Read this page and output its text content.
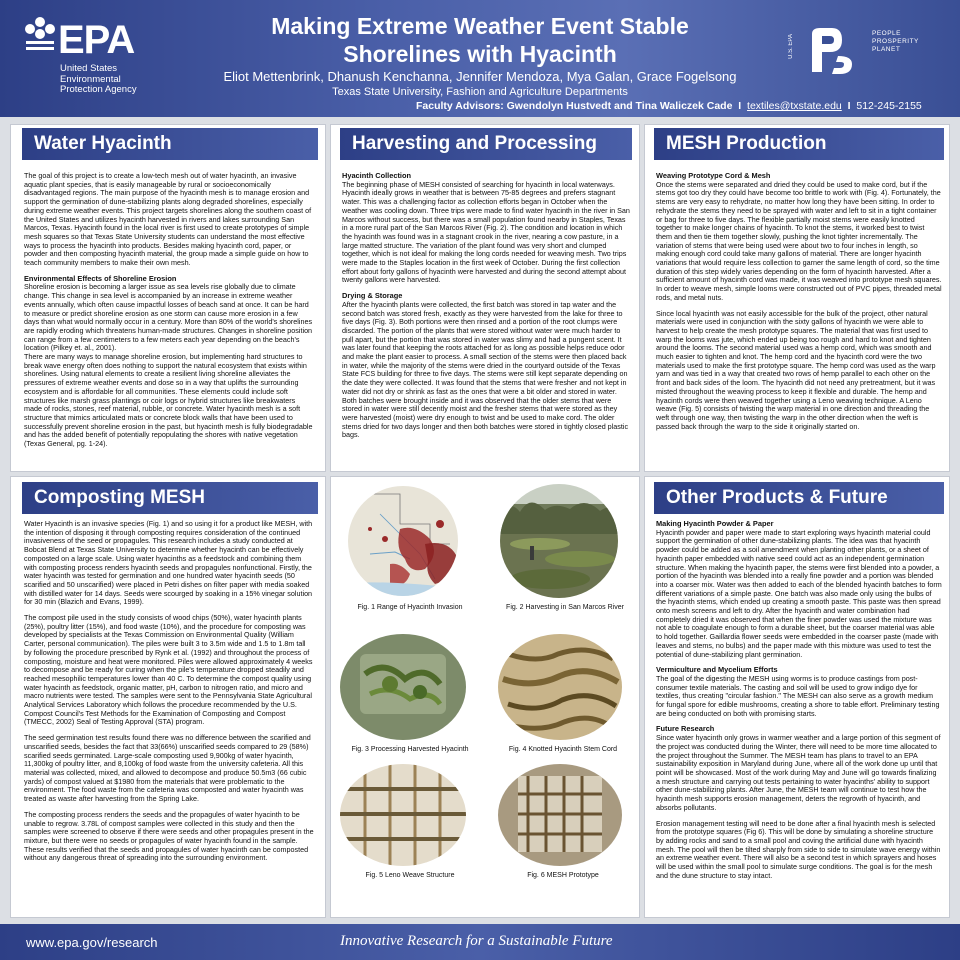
EPA
United States
Environmental
Protection Agency
Making Extreme Weather Event Stable
Shorelines with Hyacinth
Eliot Mettenbrink, Dhanush Kenchanna, Jennifer Mendoza, Mya Galan, Grace Fogelsong
Texas State University, Fashion and Agriculture Departments
Faculty Advisors: Gwendolyn Hustvedt and Tina Waliczek Cade I textiles@txstate.edu I 512-245-2155
U.S. EPA
PEOPLE
PROSPERITY
PLANET
Water Hyacinth

The goal of this project is to create a low-tech mesh out of water hyacinth, an invasive aquatic plant species, that is easily manageable by rural or socioeconomically disadvantaged regions. The main purpose of the hyacinth mesh is to manage erosion and support the germination of dune-stabilizing plants along degraded shorelines, especially during extreme weather events. This project targets shorelines along the southern coast of the United States and utilizes hyacinth harvested in rivers and lakes surrounding San Marcos, Texas. Hyacinth found in the local river is first used to create prototypes of simple mesh squares so that Texas State University students can understand the most effective ways to process the hyacinth into products. Besides making hyacinth cord, paper, or powder and then composting hyacinth material, the group made a simple guide on how to teach community members to make their own mesh.

Environmental Effects of Shoreline Erosion
Shoreline erosion is becoming a larger issue as sea levels rise globally due to climate change. This change in sea level is accompanied by an increase in extreme weather events annually, which often cause impactful losses of beach sand at once. It can be hard to measure or predict shoreline erosion as one storm can cause more erosion in a few days than what would normally occur in a century. More than 80% of the world's shorelines are rapidly eroding which threatens human-made structures. Changes in shoreline position can range from a few centimeters to a few meters each year depending on the beach's location (Pilkey et. al., 2001).
There are many ways to manage shoreline erosion, but implementing hard structures to break wave energy often does nothing to support the natural ecosystem that exists within shorelines. Using natural elements to create a resilient living shoreline alleviates the pressures of extreme weather events and dose so in a way that uplifts the surrounding ecosystem and is affordable for all communities. These elements could include soft structures like marsh grass plantings or coir logs or hybrid structures like breakwaters made of rocks, stones, reef material, rubble, or concrete. Water hyacinth mesh is a soft structure that mimics articulated mats or concrete block walls that have been used to successfully prevent shoreline erosion in the past, but hyacinth mesh is fully biodegradable and has the added benefit of potentially repopulating the shores with native vegetation (Texas General, pg. 1-24).
Harvesting and Processing
Hyacinth Collection

The beginning phase of MESH consisted of searching for hyacinth in local waterways. Hyacinth ideally grows in weather that is between 75-85 degrees and prefers stagnant water. This was a challenging factor as collection efforts began in October when the weather was cooling down. Three trips were made to find water hyacinth in the river in San Marcos without success, but there was a small population found nearby in Staples, Texas in a more rural part of the San Marcos River (Fig. 2). The condition and location in which the hyacinth was found was in a stagnant crook in the river, nearing a cow pasture, in a large matted structure. The variation of the plant found was very short and clumped together, which is not ideal for making the long cords needed for weaving mesh. Two trips were made to the Staples location in the first week of October. During the first collection effort about forty gallons of hyacinth were harvested and during the second attempt about twenty gallons were harvested.

Drying & Storage
After the hyacinth plants were collected, the first batch was stored in tap water and the second batch was stored fresh, exactly as they were harvested from the lake for three to five days (Fig. 3). Both portions were then rinsed and a portion of the root clumps were discarded. The portion of the plants that were stored without water were much harder to pull apart, but the portion that was stored in water was slimy and had a pungent scent. It was later found that keeping the roots attached for as long as possible helps reduce odor and make the plant easier to process. A small section of the stems were then placed back in water, while the majority of the stems were dried in the courtyard outside of the Texas State FCS building for three to five days. The stems were still kept separate depending on the date they were collected. It was found that the stems that were fresher and not kept in water did not dry or shrink as fast as the ones that were a bit older and stored in water. Both batches were brought inside and it was observed that the older stems that were stored in water were still decently moist and the fresher stems that were stored as they were harvested (moist) were dry enough to twist and be used to make cord. The older stems dried for two days longer and then both batches were stored in tightly closed plastic bags.
MESH Production
Weaving Prototype Cord & Mesh

Once the stems were separated and dried they could be used to make cord, but if the stems got too dry they could have become too brittle to work with (Fig. 4). Fortunately, the stems are very easy to rehydrate, no matter how long they have been sitting. In order to rehydrate the stems they need to be sprayed with water and left to sit in a tight container or bag for three to five days. The flexible partially moist stems were easily knotted together to make longer chains of hyacinth. To knot the stems, it worked best to twist them and then tie them together slowly, pushing the knot tighter incrementally. The variation of stems that were being used were about two to four inches in length, so making enough cord could take many gallons of material. There are longer hyacinth variations that would require less collection to garner the same length of cord, so the time duration of this step widely varies depending on the form of hyacinth harvested. After a sufficient amount of hyacinth cord was made, it was weaved into prototype mesh squares. In order to weave mesh, simple looms were constructed out of PVC pipes, threaded metal rods, and metal nuts.

Since local hyacinth was not easily accessible for the bulk of the project, other natural materials were used in conjunction with the sixty gallons of hyacinth we were able to harvest to help create the mesh prototype squares. The material that was first used to warp the looms was jute, which ended up being too rough and hard to knot and tighten around the looms. The second material used was a hemp cord, which was smooth and much easier to tighten and knot. The hemp cord and the hyacinth cord were the two materials used to make the first prototype square. The hemp cord was used as the warp yarn and was tied in a way that created two rows of hemp parallel to each other on the front and back sides of the loom. The hyacinth did not need any pretreatment, but it was misted throughout the weaving process to keep it flexible and durable. The hemp and hyacinth cords were then weaved together using a Leno weaving technique. A Leno weave (Fig. 5) consists of twisting the warp material in one direction and threading the weft through one way, then twisting the warp in the other direction when the weft is passed back through the warp to the side it originally started on.
Composting MESH

Water Hyacinth is an invasive species (Fig. 1) and so using it for a product like MESH, with the intention of disposing it through composting requires consideration of the continued invasiveness of the seed or propagules. This research includes a study conducted at Bobcat Blend at Texas State University to determine whether hyacinth can be effectively composted on a large scale. Using water hyacinths as a feedstock and combining them with composting process renders hyacinth seeds and propagules nonfunctional. Firstly, the water hyacinth was tested for germination and one hundred water hyacinth seeds (50 scarified and 50 unscarified) were placed in Petri dishes on filter paper with media soaked with distilled water for 14 days. Seeds were scourged by soaking in a 15% vinegar solution for 30 min (Blazich and Evans, 1999).

The compost pile used in the study consists of wood chips (50%), water hyacinth plants (25%), poultry litter (15%), and food waste (10%), and the procedure for composting was developed by specialists at the Texas Commission on Environmental Quality (William Carter, personal communication). The piles were built 3 to 3.5m wide and 1.5 to 1.8m tall by following the procedure prescribed by Rynk et al. (1992) and throughout the process of composting, moisture and heat were monitored. Piles were allowed approximately 4 weeks to decompose and be ready for curing when the pile's temperature dropped steadily and reached mesophilic temperatures lower than 40 C. To determine the compost quality using water hyacinth as feedstock, organic matter, pH, carbon to nitrogen ratio, and micro and macro nutrients were tested. The samples were sent to the Pennsylvania State Agricultural Analytical Services Laboratory which follows the procedure recommended by the U.S. Compost Council's Test Methods for the Examination of Composting and Compost (TMECC, 2002) Seal of Testing Approval (STA) program.

The seed germination test results found there was no difference between the scarified and unscarified seeds, besides the fact that 33(66%) unscarified seeds compared to 29 (58%) scarified seeds germinated. Large-scale composting used 9,900kg of water hyacinth, 11,300kg of poultry litter, and 8,100kg of food waste from the university cafeteria. All this material was collected, mixed, and allowed to decompose and produce 50.5m3 (66 cubic yards) of compost valued at $1980 from the materials that were problematic to the environment. The food waste from the cafeteria was composted and water hyacinth was treated as waste after harvesting from the Spring Lake.

The composting process renders the seeds and the propagules of water hyacinth to be unable to regrow. 3.78L of compost samples were collected in this study and then the samples were screened to observe if there were seeds and other propagules present in the mixture, but there were no seeds or propagules of water hyacinth found in the sample. These results verified that the seeds and propagules of water hyacinth can be composted without any dangerous threat of spreading into the surrounding environment.

Fig. 1 Range of Hyacinth Invasion	Fig. 2 Harvesting in San Marcos River
Fig. 3 Processing Harvested Hyacinth	Fig. 4 Knotted Hyacinth Stem Cord
Fig. 5 Leno Weave Structure	Fig. 6 MESH Prototype
Other Products & Future
Making Hyacinth Powder & Paper

Hyacinth powder and paper were made to start exploring ways hyacinth material could support the germination of other dune-stabilizing plants. The idea was that hyacinth powder could be added as a soil amendment when planting other plants, or a sheet of hyacinth paper embedded with native seed could act as an independent germination structure. When making the hyacinth paper, the stems were first blended into a powder, a portion of the hyacinth was blended into a really fine powder and a portion was blended into a coarser mix. Water was then added to each of the blended hyacinth batches to form different variations of a simple paste. One batch was also made only using the bulbs of the hyacinth stems, which ended up creating a smooth paste. This paste was then spread onto mesh screens and left to dry. After the hyacinth and water combination had completely dried it was observed that when the finer powder was used the mixture was not able to coagulate enough to form a durable sheet, but the coarser material was able to hold together. Gaillardia flower seeds were embedded in the coarser paste (made with leaves and stems, no bulbs) and the paper made with this mixture was used to test the potential of dune-stabilizing plant germination.

Vermiculture and Mycelium Efforts

The goal of the digesting the MESH using worms is to produce castings from post-consumer textile materials. The casting and soil will be used to grow indigo dye for textiles, thus creating "circular fashion." The MESH can also serve as a growth medium for fungal spore for edible mushrooms, creating a shore to table effort. Preliminary testing are being conducted on both with promising starts.

Future Research

Since water hyacinth only grows in warmer weather and a large portion of this segment of the project was conducted during the Winter, there will need to be more time allocated to the project throughout the Summer. The MESH team has plans to travel to an EPA sustainability exposition in Maryland during June, where all of the work done up until that point will be showcased. Most of the work during May and June will go towards finalizing a mesh structure and carrying out tests pertaining to water hyacinths' ability to support other dune-stabilizing plants. After June, the MESH team will continue to test how the hyacinth mesh supports erosion management, deters the regrowth of hyacinth, and absorbs pollutants.

Erosion management testing will need to be done after a final hyacinth mesh is selected from the prototype squares (Fig 6). This will be done by simulating a shoreline structure by adding rocks and sand to a small pool and coving the artificial dune with hyacinth mesh. The pool will then be tilted sharply from side to side to simulate wave energy within an extreme weather event. There will also be a second test in which sprayers and hoses will be used within the small pool to simulate surge conditions. The goal is for the mesh and the dune structure to stay intact.

www.epa.gov/research	Innovative Research for a Sustainable Future
